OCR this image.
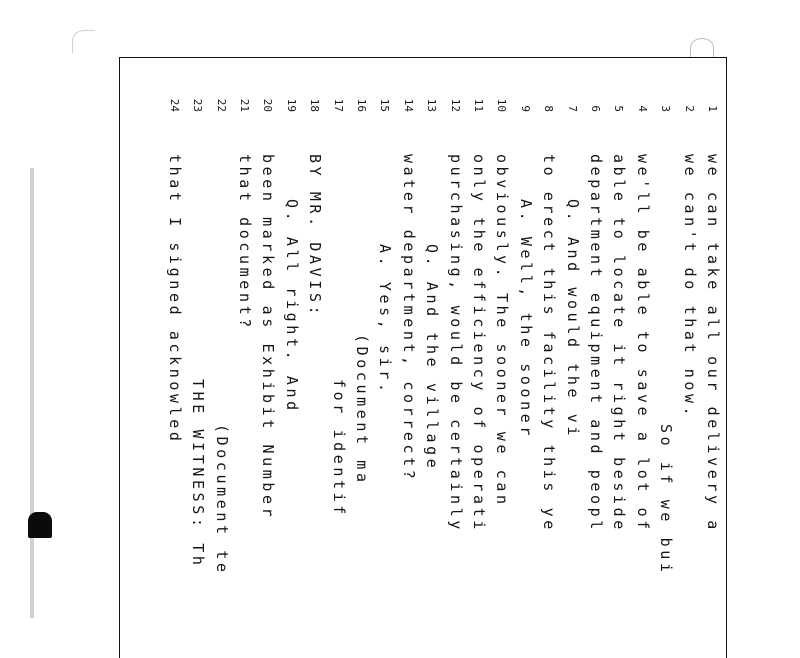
1
we can take all our delivery a
2
we can't do that now.
3
So if we bui
4
we'll be able to save a lot of
5
able to locate it right beside
6
department equipment and peopl
7
Q. And would the vi
8
to erect this facility this ye
9
A. Well, the sooner
10
obviously. The sooner we can
11
only the efficiency of operati
12
purchasing, would be certainly
13
Q. And the village
14
water department, correct?
15
A. Yes, sir.
16
(Document ma
17
for identif
18
BY MR. DAVIS:
19
Q. All right. And
20
been marked as Exhibit Number
21
that document?
22
(Document te
23
THE WITNESS: Th
24
that I signed acknowled
